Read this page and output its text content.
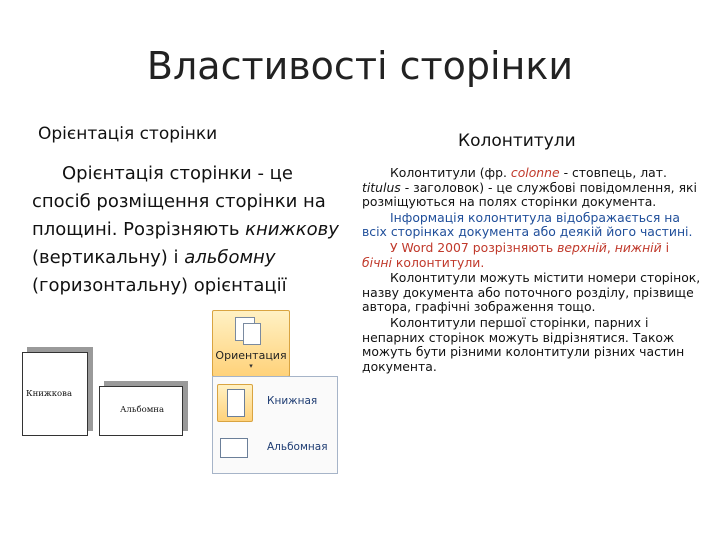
Властивості сторінки
Орієнтація сторінки
Орієнтація сторінки - це спосіб розміщення сторінки на площині. Розрізняють книжкову (вертикальну) і альбомну (горизонтальну) орієнтації
Книжкова
Альбомна
Ориентация
▾
Книжная
Альбомная
Колонтитули

Колонтитули (фр. colonne - стовпець, лат. titulus - заголовок) - це службові повідомлення, які розміщуються на полях сторінки документа.

Інформація колонтитула відображається на всіх сторінках документа або деякій його частині.

У Word 2007 розрізняють верхній, нижній і бічні колонтитули.

Колонтитули можуть містити номери сторінок, назву документа або поточного розділу, прізвище автора, графічні зображення тощо.

Колонтитули першої сторінки, парних і непарних сторінок можуть відрізнятися. Також можуть бути різними колонтитули різних частин документа.
